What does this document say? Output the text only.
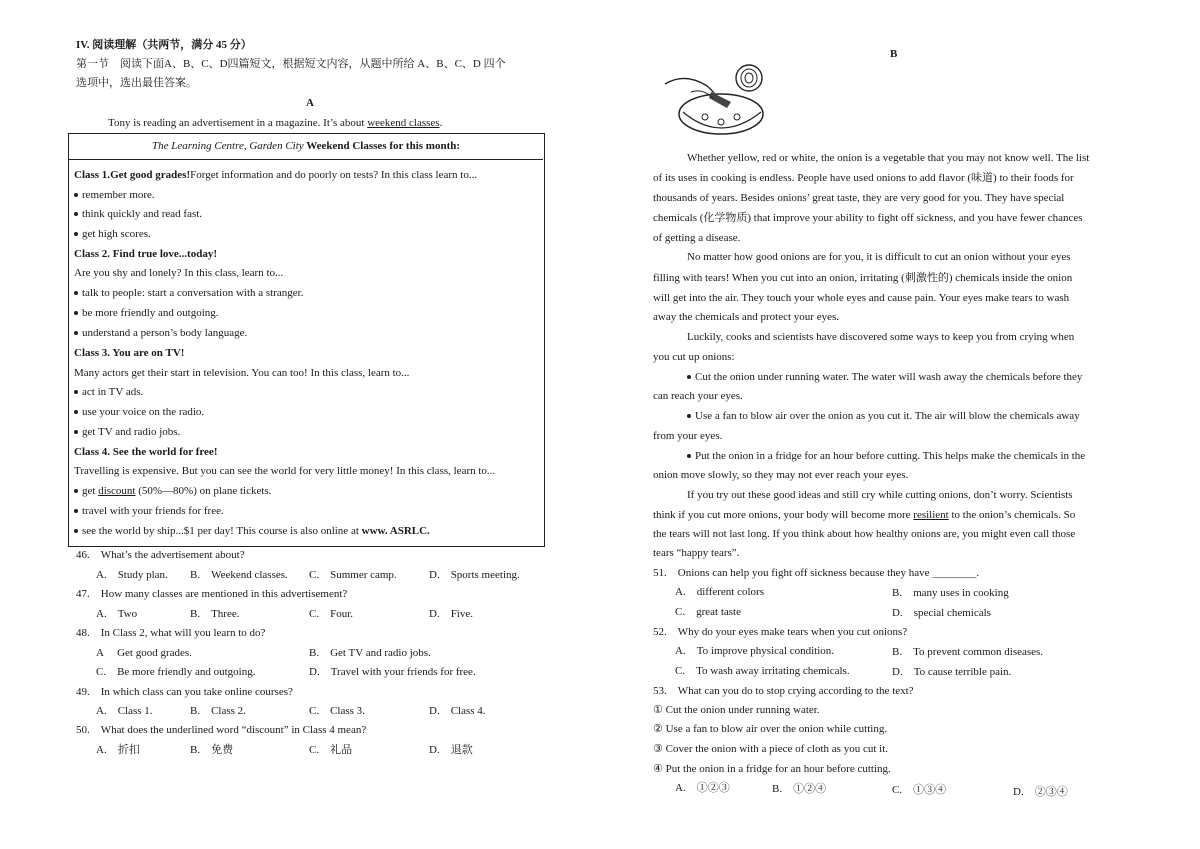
IV. 阅读理解（共两节，满分 45 分）
第一节　阅读下面A、B、C、D四篇短文，根据短文内容，从题中所给 A、B、C、D 四个
选项中，选出最佳答案。
A
Tony is reading an advertisement in a magazine. It’s about weekend classes.
The Learning Centre, Garden City Weekend Classes for this month:
Class 1.Get good grades!Forget information and do poorly on tests? In this class learn to...
remember more.
think quickly and read fast.
get high scores.
Class 2. Find true love...today!
Are you shy and lonely? In this class, learn to...
talk to people: start a conversation with a stranger.
be more friendly and outgoing.
understand a person’s body language.
Class 3. You are on TV!
Many actors get their start in television. You can too! In this class, learn to...
act in TV ads.
use your voice on the radio.
get TV and radio jobs.
Class 4. See the world for free!
Travelling is expensive. But you can see the world for very little money! In this class, learn to...
get discount (50%—80%) on plane tickets.
travel with your friends for free.
see the world by ship...$1 per day! This course is also online at www. ASRLC.
46.　What’s the advertisement about?
A.　Study plan. B.　Weekend classes. C.　Summer camp.	D.　Sports meeting.
47.　How many classes are mentioned in this advertisement?
A.　Two	B.　Three.	C.　Four.	D.　Five.
48.　In Class 2, what will you learn to do?
A　 Get good grades.	B.　Get TV and radio jobs.
C.　Be more friendly and outgoing.	D.　Travel with your friends for free.
49.　In which class can you take online courses?
A.　Class 1.	B.　Class 2.	C.　Class 3.	D.　Class 4.
50.　What does the underlined word “discount” in Class 4 mean?
A.　折扣	B.　免费	C.　礼品	D.　退款
B
Whether yellow, red or white, the onion is a vegetable that you may not know well. The list
of its uses in cooking is endless. People have used onions to add flavor (味道) to their foods for
thousands of years. Besides onions’ great taste, they are very good for you. They have special
chemicals (化学物质) that improve your ability to fight off sickness, and you have fewer chances
of getting a disease.
No matter how good onions are for you, it is difficult to cut an onion without your eyes
filling with tears! When you cut into an onion, irritating (刺激性的) chemicals inside the onion
will get into the air. They touch your whole eyes and cause pain. Your eyes make tears to wash
away the chemicals and protect your eyes.
Luckily, cooks and scientists have discovered some ways to keep you from crying when
you cut up onions:
Cut the onion under running water. The water will wash away the chemicals before they
can reach your eyes.
Use a fan to blow air over the onion as you cut it. The air will blow the chemicals away
from your eyes.
Put the onion in a fridge for an hour before cutting. This helps make the chemicals in the
onion move slowly, so they may not ever reach your eyes.
If you try out these good ideas and still cry while cutting onions, don’t worry. Scientists
think if you cut more onions, your body will become more resilient to the onion’s chemicals. So
the tears will not last long. If you think about how healthy onions are, you might even call those
tears “happy tears”.
51.　Onions can help you fight off sickness because they have ________.
A.　different colors	B.　many uses in cooking
C.　great taste	D.　special chemicals
52.　Why do your eyes make tears when you cut onions?
A.　To improve physical condition.	B.　To prevent common diseases.
C.　To wash away irritating chemicals.	D.　To cause terrible pain.
53.　What can you do to stop crying according to the text?
① Cut the onion under running water.
② Use a fan to blow air over the onion while cutting.
③ Cover the onion with a piece of cloth as you cut it.
④ Put the onion in a fridge for an hour before cutting.
A.　①②③	B.　①②④	C.　①③④	D.　②③④
